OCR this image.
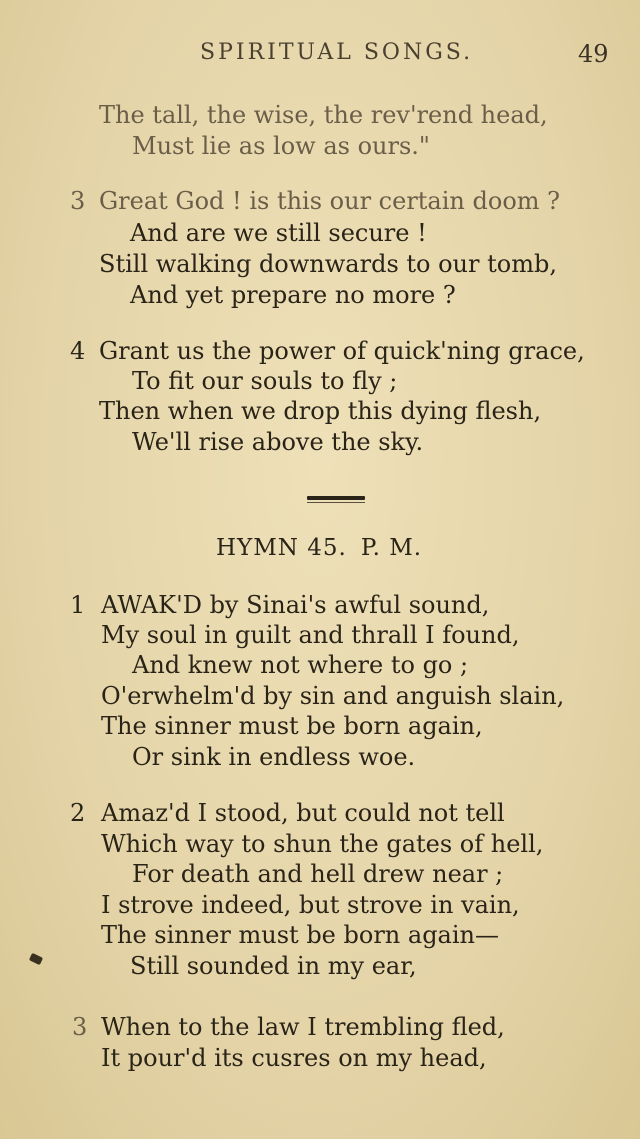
SPIRITUAL SONGS.	49
The tall, the wise, the rev'rend head,
Must lie as low as ours."
3 Great God ! is this our certain doom ?
And are we still secure !
Still walking downwards to our tomb,
And yet prepare no more ?
4 Grant us the power of quick'ning grace,
To fit our souls to fly ;
Then when we drop this dying flesh,
We'll rise above the sky.
HYMN 45. P. M.
1 AWAK'D by Sinai's awful sound,
My soul in guilt and thrall I found,
And knew not where to go ;
O'erwhelm'd by sin and anguish slain,
The sinner must be born again,
Or sink in endless woe.
2 Amaz'd I stood, but could not tell
Which way to shun the gates of hell,
For death and hell drew near ;
I strove indeed, but strove in vain,
The sinner must be born again—
Still sounded in my ear,
3 When to the law I trembling fled,
It pour'd its cusres on my head,
